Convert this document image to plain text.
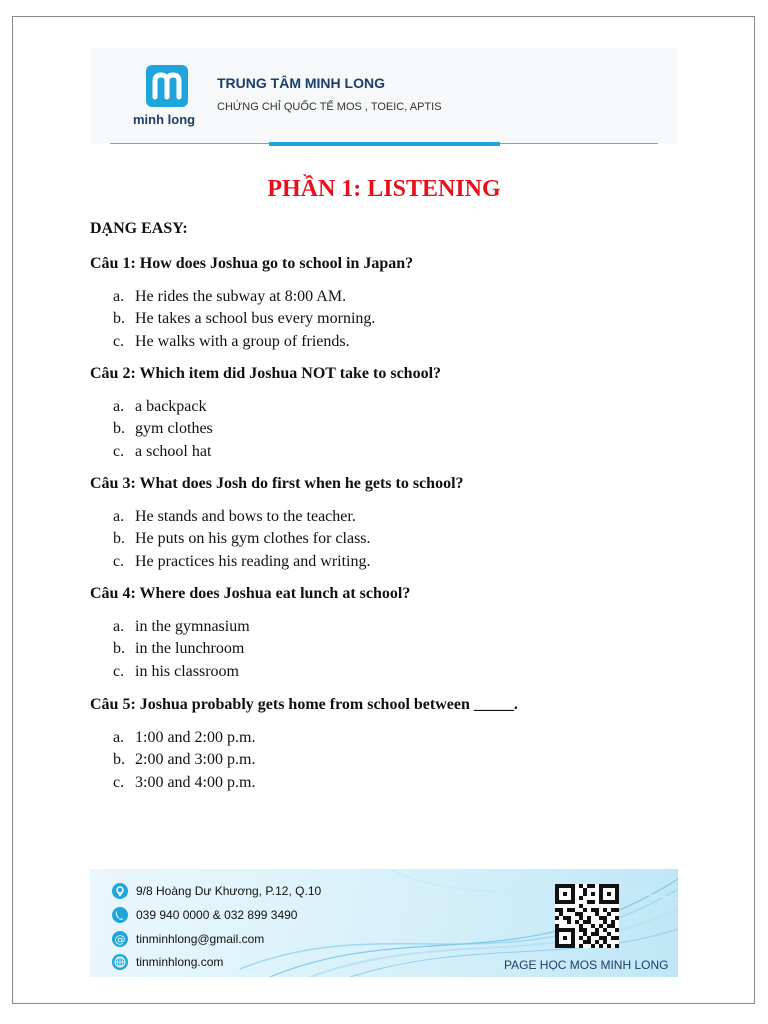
minh long
TRUNG TÂM MINH LONG
CHỨNG CHỈ QUỐC TẾ MOS , TOEIC, APTIS
PHẦN 1: LISTENING
DẠNG EASY:

Câu 1: How does Joshua go to school in Japan?

a. He rides the subway at 8:00 AM.
b. He takes a school bus every morning.
c. He walks with a group of friends.

Câu 2: Which item did Joshua NOT take to school?

a. a backpack
b. gym clothes
c. a school hat

Câu 3: What does Josh do first when he gets to school?

a. He stands and bows to the teacher.
b. He puts on his gym clothes for class.
c. He practices his reading and writing.

Câu 4: Where does Joshua eat lunch at school?

a. in the gymnasium
b. in the lunchroom
c. in his classroom

Câu 5: Joshua probably gets home from school between _____.

a. 1:00 and 2:00 p.m.
b. 2:00 and 3:00 p.m.
c. 3:00 and 4:00 p.m.
9/8 Hoàng Dư Khương, P.12, Q.10
039 940 0000 & 032 899 3490
@ tinminhlong@gmail.com
tinminhlong.com	PAGE HỌC MOS MINH LONG
